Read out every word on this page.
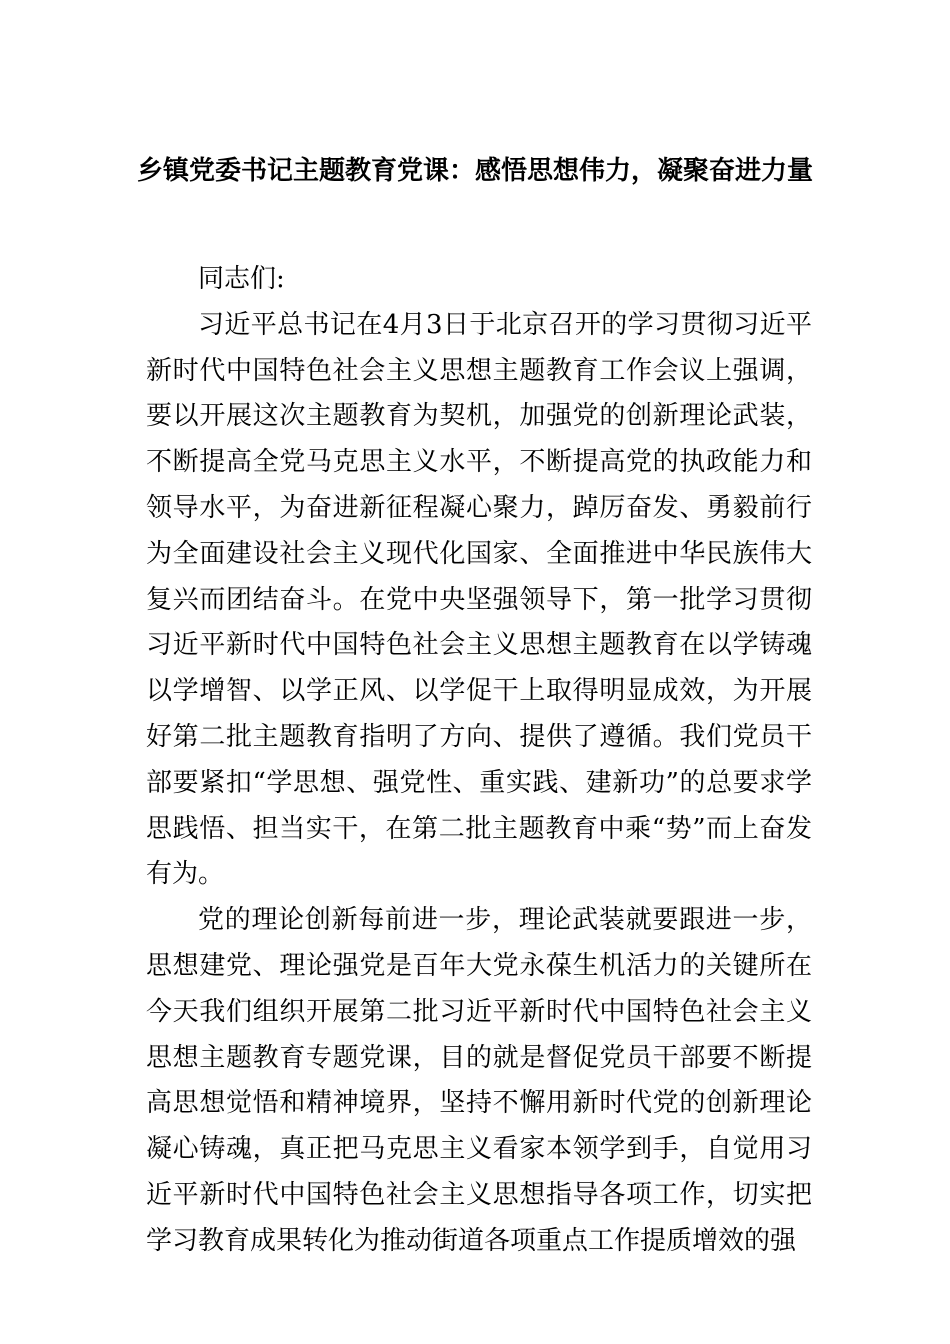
乡镇党委书记主题教育党课：感悟思想伟力，凝聚奋进力量

同志们:

习近平总书记在4月3日于北京召开的学习贯彻习近平新时代中国特色社会主义思想主题教育工作会议上强调，要以开展这次主题教育为契机，加强党的创新理论武装，不断提高全党马克思主义水平，不断提高党的执政能力和领导水平，为奋进新征程凝心聚力，踔厉奋发、勇毅前行为全面建设社会主义现代化国家、全面推进中华民族伟大复兴而团结奋斗。在党中央坚强领导下，第一批学习贯彻习近平新时代中国特色社会主义思想主题教育在以学铸魂以学增智、以学正风、以学促干上取得明显成效，为开展好第二批主题教育指明了方向、提供了遵循。我们党员干部要紧扣“学思想、强党性、重实践、建新功”的总要求学思践悟、担当实干，在第二批主题教育中乘“势”而上奋发有为。

党的理论创新每前进一步，理论武装就要跟进一步，思想建党、理论强党是百年大党永葆生机活力的关键所在今天我们组织开展第二批习近平新时代中国特色社会主义思想主题教育专题党课，目的就是督促党员干部要不断提高思想觉悟和精神境界，坚持不懈用新时代党的创新理论凝心铸魂，真正把马克思主义看家本领学到手，自觉用习近平新时代中国特色社会主义思想指导各项工作，切实把学习教育成果转化为推动街道各项重点工作提质增效的强
